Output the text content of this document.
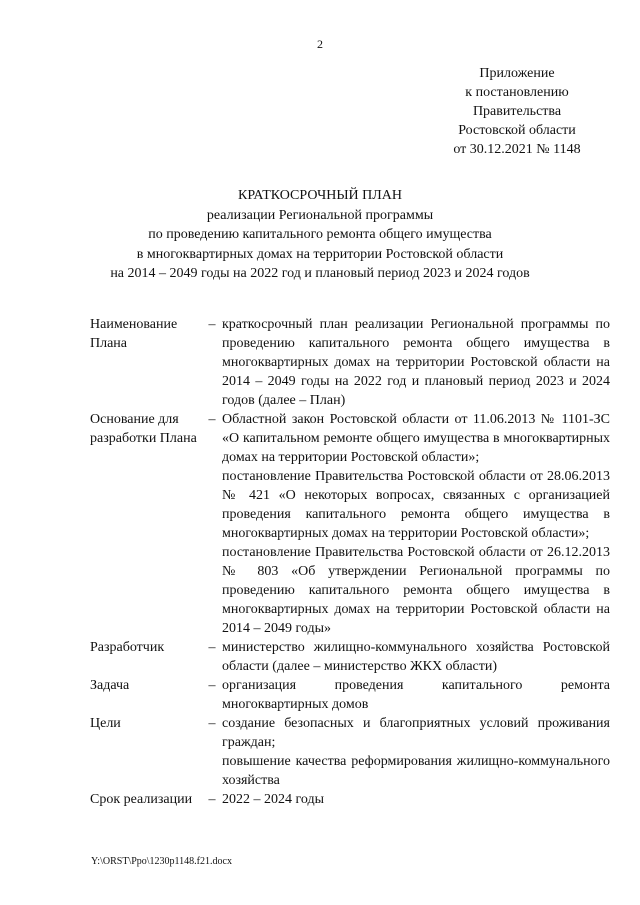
2
Приложение
к постановлению
Правительства
Ростовской области
от 30.12.2021 № 1148
КРАТКОСРОЧНЫЙ ПЛАН
реализации Региональной программы
по проведению капитального ремонта общего имущества
в многоквартирных домах на территории Ростовской области
на 2014 – 2049 годы на 2022 год и плановый период 2023 и 2024 годов
Наименование Плана	–	краткосрочный план реализации Региональной программы по проведению капитального ремонта общего имущества в многоквартирных домах на территории Ростовской области на 2014 – 2049 годы на 2022 год и плановый период 2023 и 2024 годов (далее – План)

Основание для разработки Плана	–	Областной закон Ростовской области от 11.06.2013 № 1101-ЗС «О капитальном ремонте общего имущества в многоквартирных домах на территории Ростовской области»;

постановление Правительства Ростовской области от 28.06.2013 № 421 «О некоторых вопросах, связанных с организацией проведения капитального ремонта общего имущества в многоквартирных домах на территории Ростовской области»;

постановление Правительства Ростовской области от 26.12.2013 № 803 «Об утверждении Региональной программы по проведению капитального ремонта общего имущества в многоквартирных домах на территории Ростовской области на 2014 – 2049 годы»

Разработчик	–	министерство жилищно-коммунального хозяйства Ростовской области (далее – министерство ЖКХ области)

Задача	–	организация проведения капитального ремонта многоквартирных домов

Цели	–	создание безопасных и благоприятных условий проживания граждан;

повышение качества реформирования жилищно-коммунального хозяйства

Срок реализации	–	2022 – 2024 годы

Y:\ORST\Ppo\1230p1148.f21.docx
